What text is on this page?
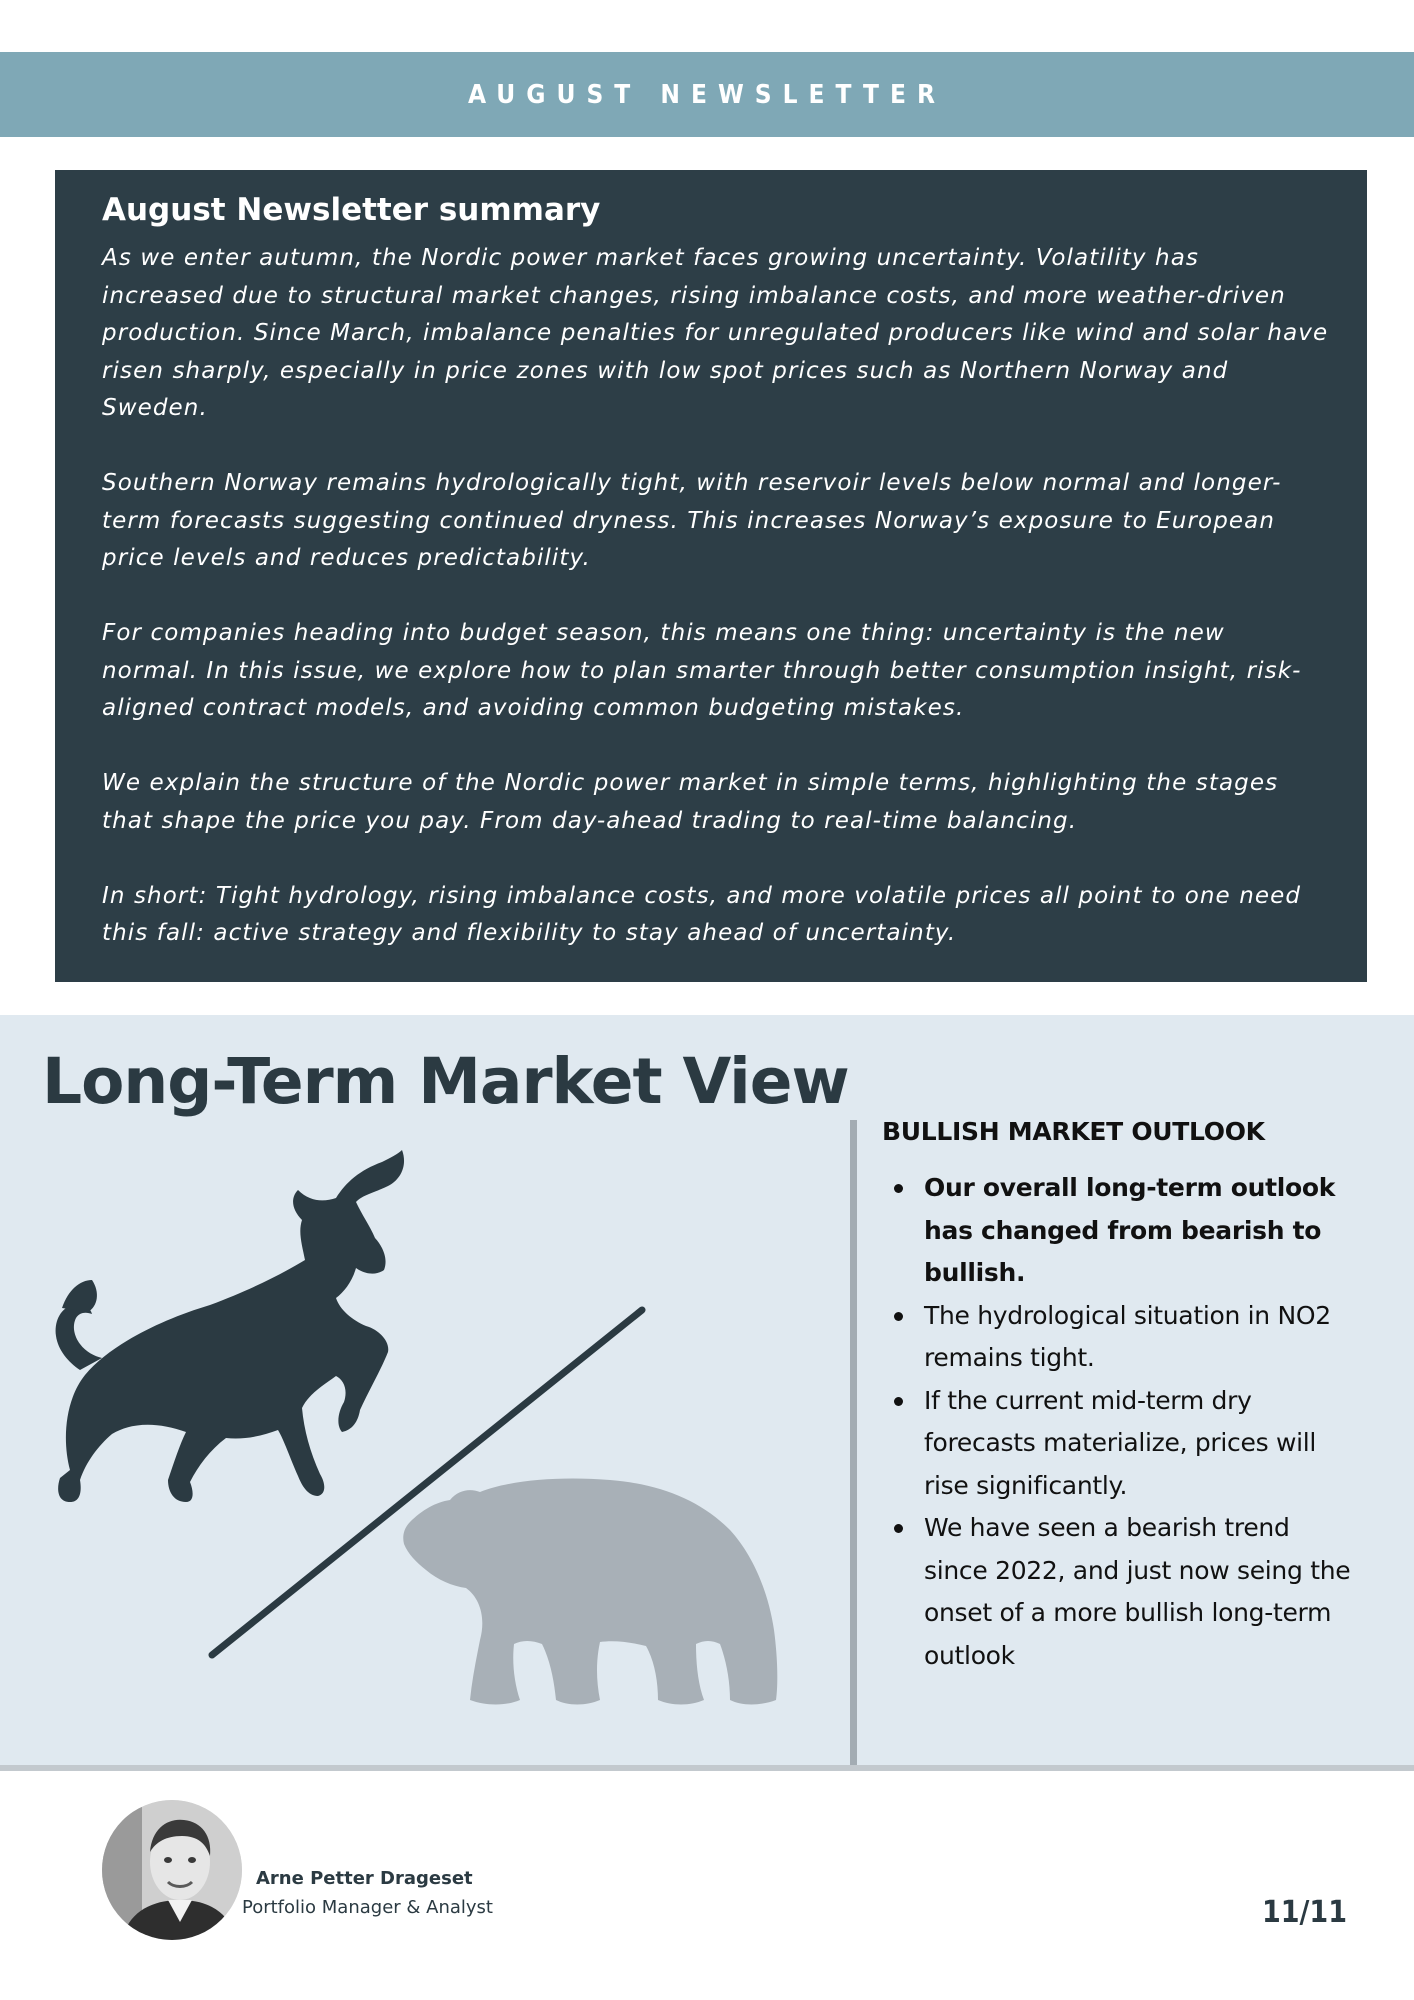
AUGUST NEWSLETTER
August Newsletter summary

As we enter autumn, the Nordic power market faces growing uncertainty. Volatility has increased due to structural market changes, rising imbalance costs, and more weather-driven production. Since March, imbalance penalties for unregulated producers like wind and solar have risen sharply, especially in price zones with low spot prices such as Northern Norway and Sweden.

Southern Norway remains hydrologically tight, with reservoir levels below normal and longer-term forecasts suggesting continued dryness. This increases Norway’s exposure to European price levels and reduces predictability.

For companies heading into budget season, this means one thing: uncertainty is the new normal. In this issue, we explore how to plan smarter through better consumption insight, risk-aligned contract models, and avoiding common budgeting mistakes.

We explain the structure of the Nordic power market in simple terms, highlighting the stages that shape the price you pay. From day-ahead trading to real-time balancing.

In short: Tight hydrology, rising imbalance costs, and more volatile prices all point to one need this fall: active strategy and flexibility to stay ahead of uncertainty.

Long-Term Market View
BULLISH MARKET OUTLOOK
Our overall long-term outlook has changed from bearish to bullish.
The hydrological situation in NO2 remains tight.
If the current mid-term dry forecasts materialize, prices will rise significantly.
We have seen a bearish trend since 2022, and just now seing the onset of a more bullish long-term outlook
Arne Petter Drageset
Portfolio Manager & Analyst	11/11
